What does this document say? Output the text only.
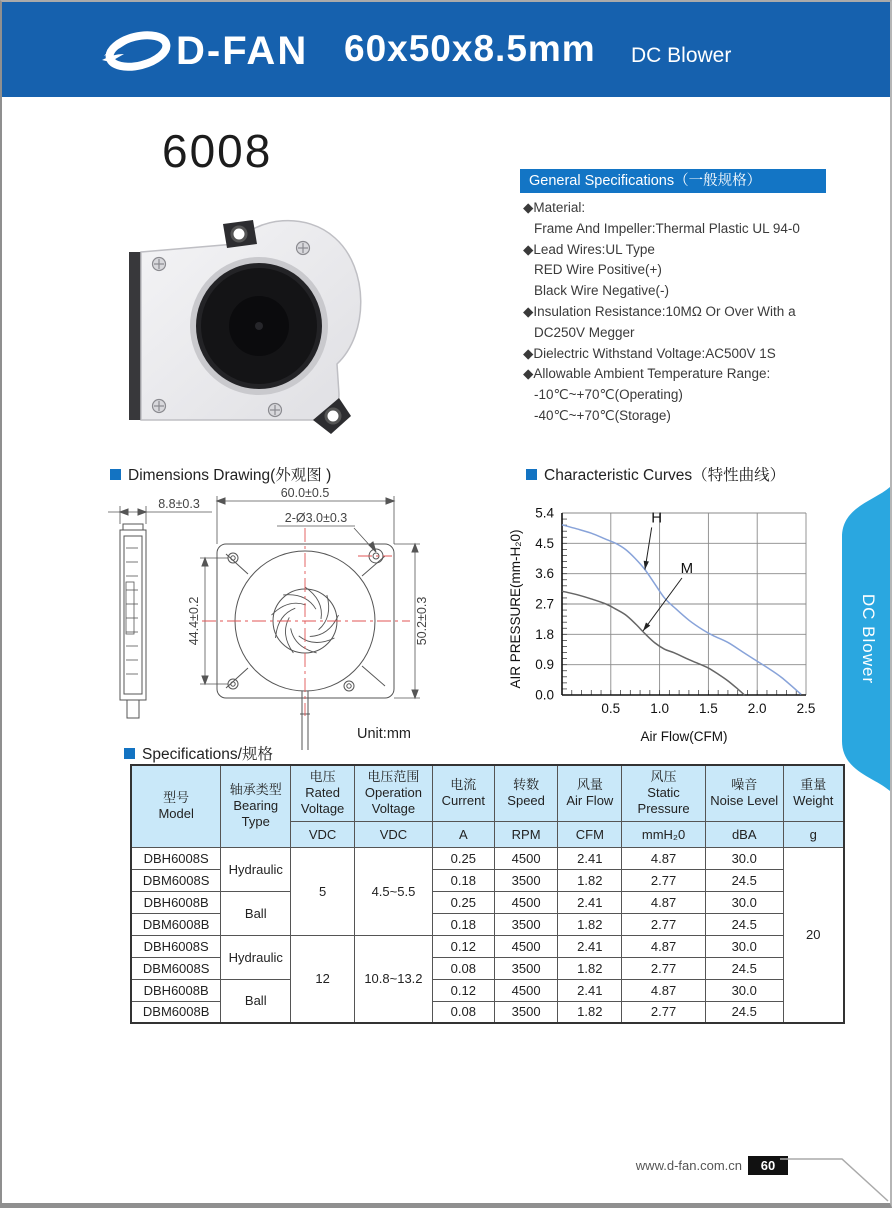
D-FAN 60x50x8.5mm DC Blower
6008
General Specifications（一般规格）
◆Material:
Frame And Impeller:Thermal Plastic UL 94-0
◆Lead Wires:UL Type
RED Wire Positive(+)
Black Wire Negative(-)
◆Insulation Resistance:10MΩ Or Over With a
DC250V Megger
◆Dielectric Withstand Voltage:AC500V 1S
◆Allowable Ambient Temperature Range:
-10℃~+70℃(Operating)
-40℃~+70℃(Storage)
Dimensions Drawing(外观图 )	Characteristic Curves（特性曲线）
Specifications/规格
8.8±0.3
60.0±0.5
2-Ø3.0±0.3
44.4±0.2	50.2±0.3
Unit:mm
AIR PRESSURE(mm-H₂0)
Air Flow(CFM)
0.5 1.0 1.5 2.0 2.5
0.0
0.9
1.8
2.7
3.6
4.5
5.4	H
M
DC Blower
型号
Model

轴承类型
Bearing Type

电压
Rated Voltage

电压范围
Operation Voltage

电流
Current

转数
Speed

风量
Air Flow

风压
Static Pressure

噪音
Noise Level

重量
Weight

		VDC	VDC	A	RPM	CFM	mmH₂0	dBA	g
DBH6008S	Hydraulic	5	4.5~5.5	0.25	4500	2.41	4.87	30.0	20
DBM6008S				0.18	3500	1.82	2.77	24.5	
DBH6008B	Ball			0.25	4500	2.41	4.87	30.0	
DBM6008B				0.18	3500	1.82	2.77	24.5	
DBH6008S	Hydraulic	12	10.8~13.2	0.12	4500	2.41	4.87	30.0	
DBM6008S				0.08	3500	1.82	2.77	24.5	
DBH6008B	Ball			0.12	4500	2.41	4.87	30.0	
DBM6008B				0.08	3500	1.82	2.77	24.5	
www.d-fan.com.cn	60
